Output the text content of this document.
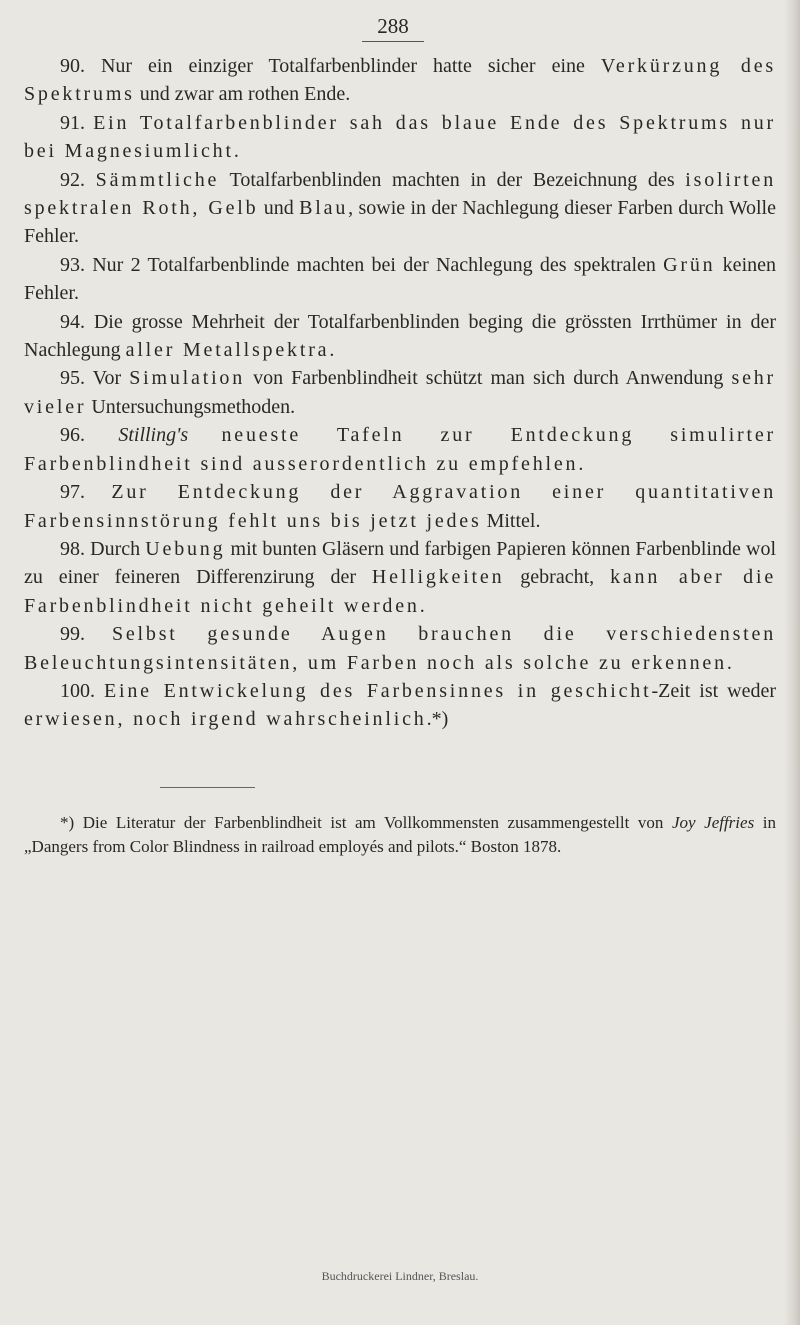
288

90. Nur ein einziger Totalfarbenblinder hatte sicher eine Verkürzung des Spektrums und zwar am rothen Ende.

91. Ein Totalfarbenblinder sah das blaue Ende des Spektrums nur bei Magnesiumlicht.

92. Sämmtliche Totalfarbenblinden machten in der Bezeichnung des isolirten spektralen Roth, Gelb und Blau, sowie in der Nachlegung dieser Farben durch Wolle Fehler.

93. Nur 2 Totalfarbenblinde machten bei der Nachlegung des spektralen Grün keinen Fehler.

94. Die grosse Mehrheit der Totalfarbenblinden beging die grössten Irrthümer in der Nachlegung aller Metallspektra.

95. Vor Simulation von Farbenblindheit schützt man sich durch Anwendung sehr vieler Untersuchungsmethoden.

96. Stilling's neueste Tafeln zur Entdeckung simulirter Farbenblindheit sind ausserordentlich zu empfehlen.

97. Zur Entdeckung der Aggravation einer quantitativen Farbensinnstörung fehlt uns bis jetzt jedes Mittel.

98. Durch Uebung mit bunten Gläsern und farbigen Papieren können Farbenblinde wol zu einer feineren Differenzirung der Helligkeiten gebracht, kann aber die Farbenblindheit nicht geheilt werden.

99. Selbst gesunde Augen brauchen die verschiedensten Beleuchtungsintensitäten, um Farben noch als solche zu erkennen.

100. Eine Entwickelung des Farbensinnes in geschicht-Zeit ist weder erwiesen, noch irgend wahrscheinlich.*)

*) Die Literatur der Farbenblindheit ist am Vollkommensten zusammengestellt von Joy Jeffries in „Dangers from Color Blindness in railroad employés and pilots.“ Boston 1878.

Buchdruckerei Lindner, Breslau.
